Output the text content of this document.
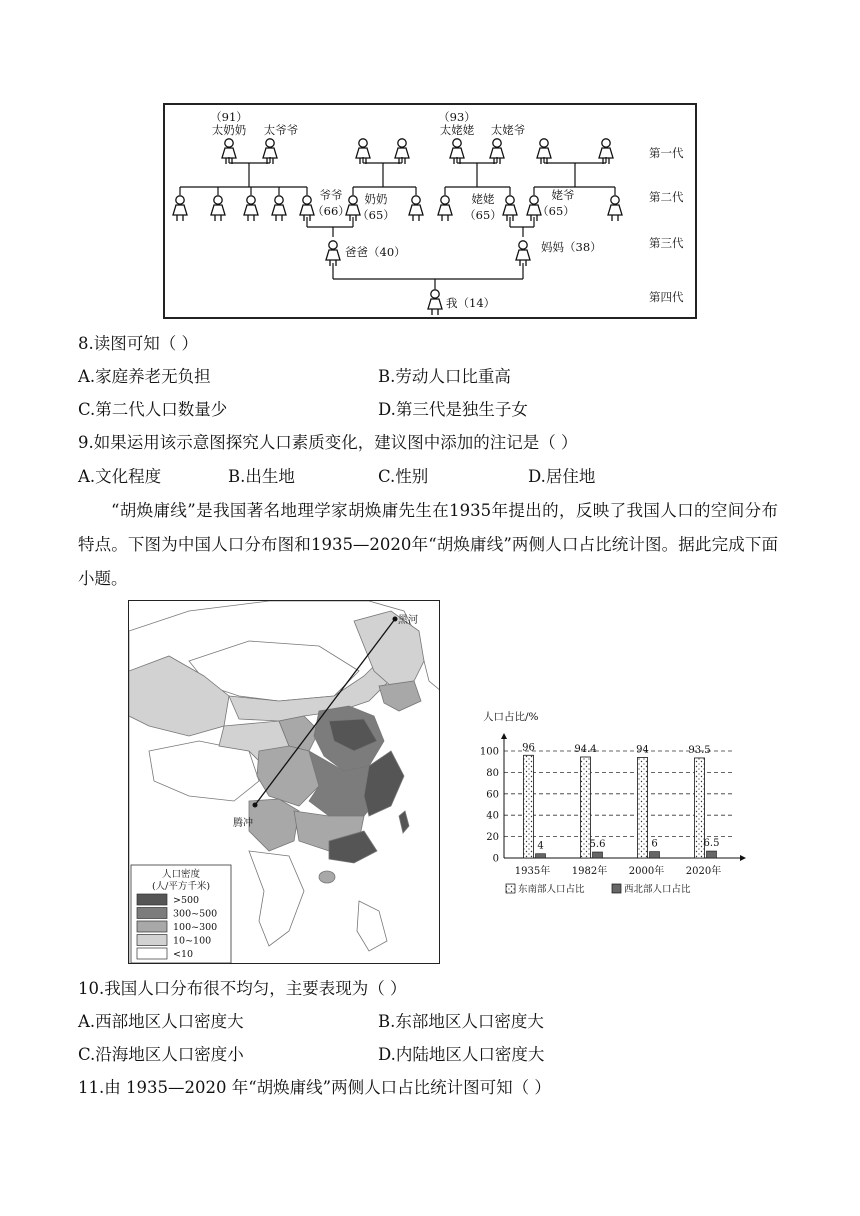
（91）
太奶奶 太爷爷
（93）
太姥姥 太姥爷
爷爷
（66）
奶奶
（65）
姥姥
（65）
姥爷
（65）
爸爸（40）	妈妈（38）
我（14）
第一代
第二代
第三代
第四代
8.读图可知（ ）
A.家庭养老无负担	B.劳动人口比重高
C.第二代人口数量少	D.第三代是独生子女
9.如果运用该示意图探究人口素质变化，建议图中添加的注记是（ ）
A.文化程度	B.出生地	C.性别	D.居住地
“胡焕庸线”是我国著名地理学家胡焕庸先生在1935年提出的，反映了我国人口的空间分布特点。下图为中国人口分布图和1935—2020年“胡焕庸线”两侧人口占比统计图。据此完成下面小题。
黑河
腾冲
人口密度
(人/平方千米)
>500
300~500
100~300
10~100
<10
人口占比/%
0
20
40
60
80
100 96
4
1935年
94.4
5.6
1982年
94
6
2000年
93.5
6.5
2020年
东南部人口占比	西北部人口占比
10.我国人口分布很不均匀，主要表现为（ ）
A.西部地区人口密度大	B.东部地区人口密度大
C.沿海地区人口密度小	D.内陆地区人口密度大
11.由 1935—2020 年“胡焕庸线”两侧人口占比统计图可知（ ）
